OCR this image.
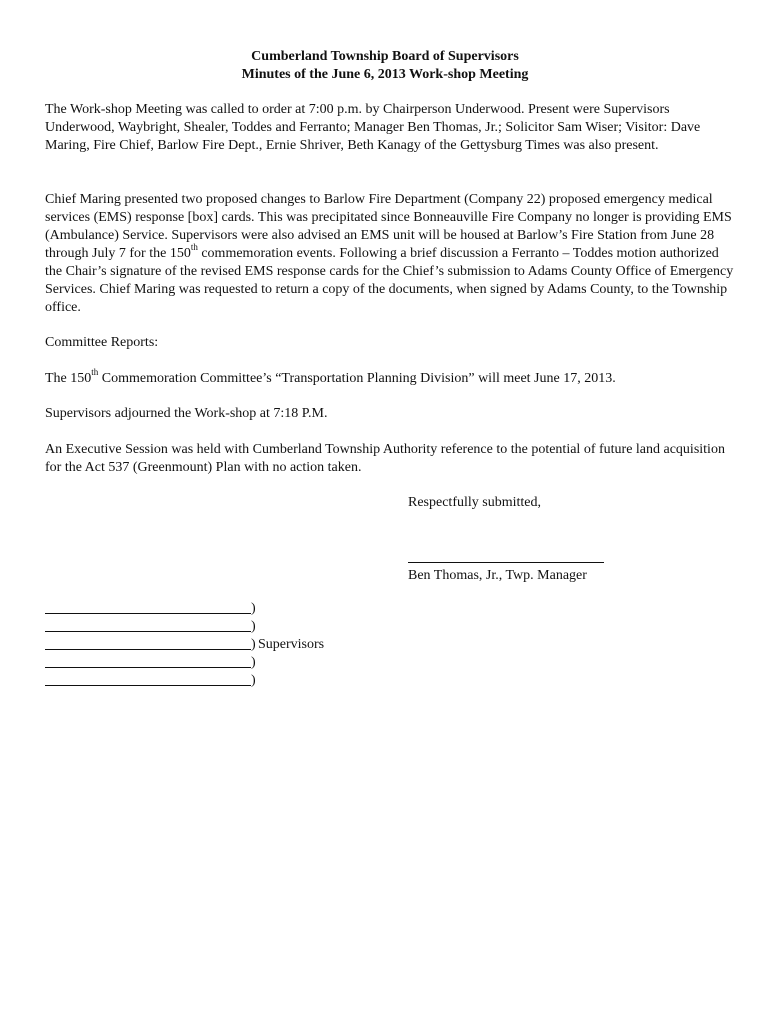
Cumberland Township Board of Supervisors
Minutes of the June 6, 2013 Work-shop Meeting

The Work-shop Meeting was called to order at 7:00 p.m. by Chairperson Underwood. Present were Supervisors Underwood, Waybright, Shealer, Toddes and Ferranto; Manager Ben Thomas, Jr.; Solicitor Sam Wiser; Visitor: Dave Maring, Fire Chief, Barlow Fire Dept., Ernie Shriver, Beth Kanagy of the Gettysburg Times was also present.

Chief Maring presented two proposed changes to Barlow Fire Department (Company 22) proposed emergency medical services (EMS) response [box] cards. This was precipitated since Bonneauville Fire Company no longer is providing EMS (Ambulance) Service. Supervisors were also advised an EMS unit will be housed at Barlow’s Fire Station from June 28 through July 7 for the 150th commemoration events. Following a brief discussion a Ferranto – Toddes motion authorized the Chair’s signature of the revised EMS response cards for the Chief’s submission to Adams County Office of Emergency Services. Chief Maring was requested to return a copy of the documents, when signed by Adams County, to the Township office.

Committee Reports:

The 150th Commemoration Committee’s “Transportation Planning Division” will meet June 17, 2013.

Supervisors adjourned the Work-shop at 7:18 P.M.

An Executive Session was held with Cumberland Township Authority reference to the potential of future land acquisition for the Act 537 (Greenmount) Plan with no action taken.

Respectfully submitted,
Ben Thomas, Jr., Twp. Manager
)
)
) Supervisors
)
)
